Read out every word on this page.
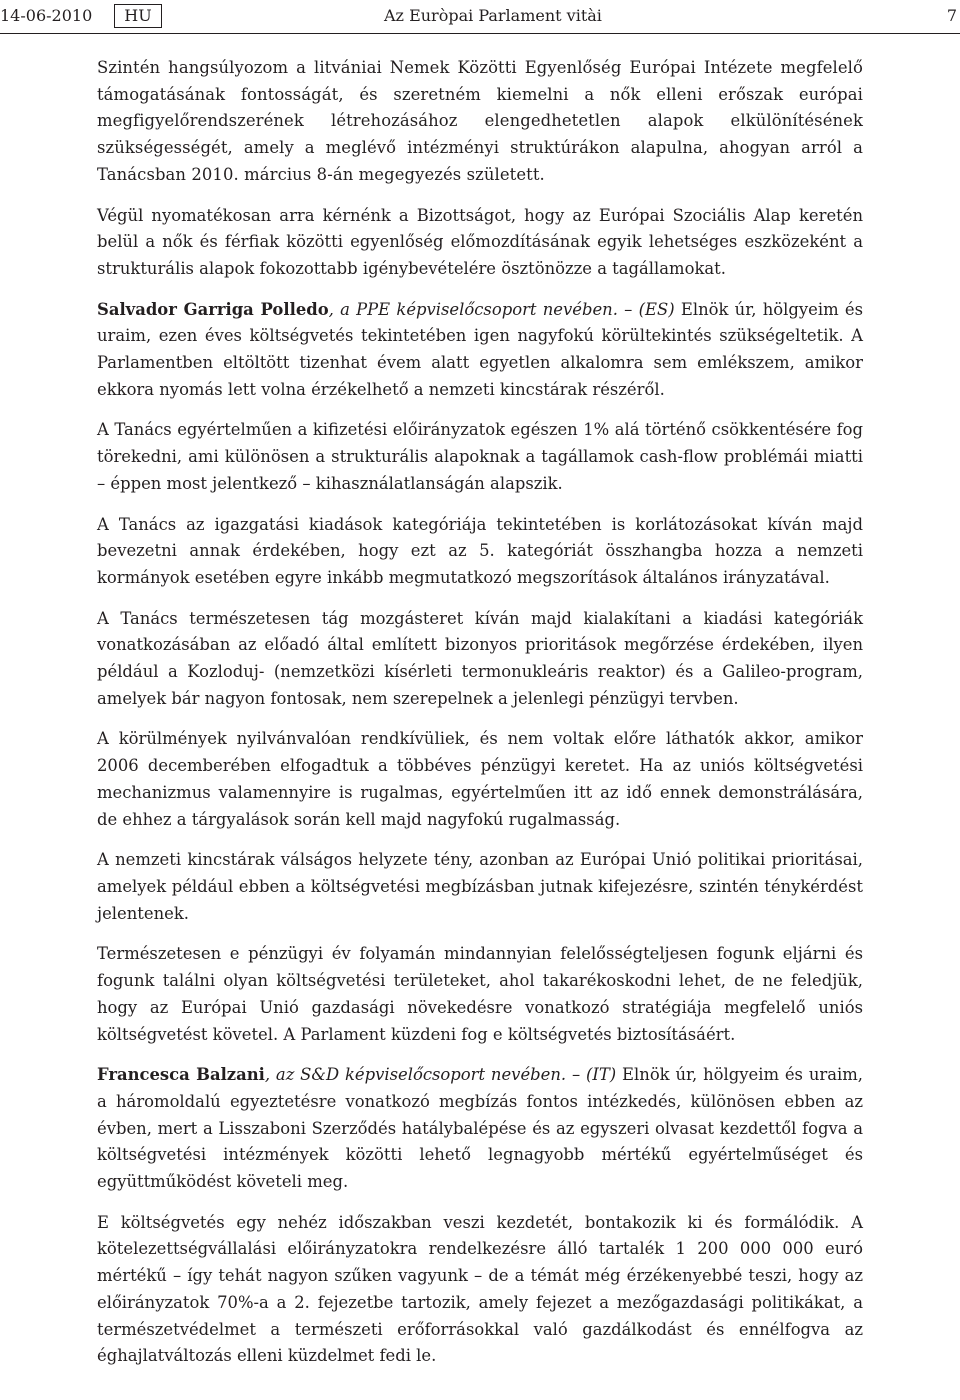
14-06-2010	HU	Az Euròpai Parlament vitài	7

Szintén hangsúlyozom a litvániai Nemek Közötti Egyenlőség Európai Intézete megfelelő támogatásának fontosságát, és szeretném kiemelni a nők elleni erőszak európai megfigyelőrendszerének létrehozásához elengedhetetlen alapok elkülönítésének szükségességét, amely a meglévő intézményi struktúrákon alapulna, ahogyan arról a Tanácsban 2010. március 8-án megegyezés született.

Végül nyomatékosan arra kérnénk a Bizottságot, hogy az Európai Szociális Alap keretén belül a nők és férfiak közötti egyenlőség előmozdításának egyik lehetséges eszközeként a strukturális alapok fokozottabb igénybevételére ösztönözze a tagállamokat.

Salvador Garriga Polledo, a PPE képviselőcsoport nevében. – (ES) Elnök úr, hölgyeim és uraim, ezen éves költségvetés tekintetében igen nagyfokú körültekintés szükségeltetik. A Parlamentben eltöltött tizenhat évem alatt egyetlen alkalomra sem emlékszem, amikor ekkora nyomás lett volna érzékelhető a nemzeti kincstárak részéről.

A Tanács egyértelműen a kifizetési előirányzatok egészen 1% alá történő csökkentésére fog törekedni, ami különösen a strukturális alapoknak a tagállamok cash-flow problémái miatti – éppen most jelentkező – kihasználatlanságán alapszik.

A Tanács az igazgatási kiadások kategóriája tekintetében is korlátozásokat kíván majd bevezetni annak érdekében, hogy ezt az 5. kategóriát összhangba hozza a nemzeti kormányok esetében egyre inkább megmutatkozó megszorítások általános irányzatával.

A Tanács természetesen tág mozgásteret kíván majd kialakítani a kiadási kategóriák vonatkozásában az előadó által említett bizonyos prioritások megőrzése érdekében, ilyen például a Kozloduj- (nemzetközi kísérleti termonukleáris reaktor) és a Galileo-program, amelyek bár nagyon fontosak, nem szerepelnek a jelenlegi pénzügyi tervben.

A körülmények nyilvánvalóan rendkívüliek, és nem voltak előre láthatók akkor, amikor 2006 decemberében elfogadtuk a többéves pénzügyi keretet. Ha az uniós költségvetési mechanizmus valamennyire is rugalmas, egyértelműen itt az idő ennek demonstrálására, de ehhez a tárgyalások során kell majd nagyfokú rugalmasság.

A nemzeti kincstárak válságos helyzete tény, azonban az Európai Unió politikai prioritásai, amelyek például ebben a költségvetési megbízásban jutnak kifejezésre, szintén ténykérdést jelentenek.

Természetesen e pénzügyi év folyamán mindannyian felelősségteljesen fogunk eljárni és fogunk találni olyan költségvetési területeket, ahol takarékoskodni lehet, de ne feledjük, hogy az Európai Unió gazdasági növekedésre vonatkozó stratégiája megfelelő uniós költségvetést követel. A Parlament küzdeni fog e költségvetés biztosításáért.

Francesca Balzani, az S&D képviselőcsoport nevében. – (IT) Elnök úr, hölgyeim és uraim, a háromoldalú egyeztetésre vonatkozó megbízás fontos intézkedés, különösen ebben az évben, mert a Lisszaboni Szerződés hatálybalépése és az egyszeri olvasat kezdettől fogva a költségvetési intézmények közötti lehető legnagyobb mértékű egyértelműséget és együttműködést követeli meg.

E költségvetés egy nehéz időszakban veszi kezdetét, bontakozik ki és formálódik. A kötelezettségvállalási előirányzatokra rendelkezésre álló tartalék 1 200 000 000 euró mértékű – így tehát nagyon szűken vagyunk – de a témát még érzékenyebbé teszi, hogy az előirányzatok 70%-a a 2. fejezetbe tartozik, amely fejezet a mezőgazdasági politikákat, a természetvédelmet a természeti erőforrásokkal való gazdálkodást és ennélfogva az éghajlatváltozás elleni küzdelmet fedi le.
